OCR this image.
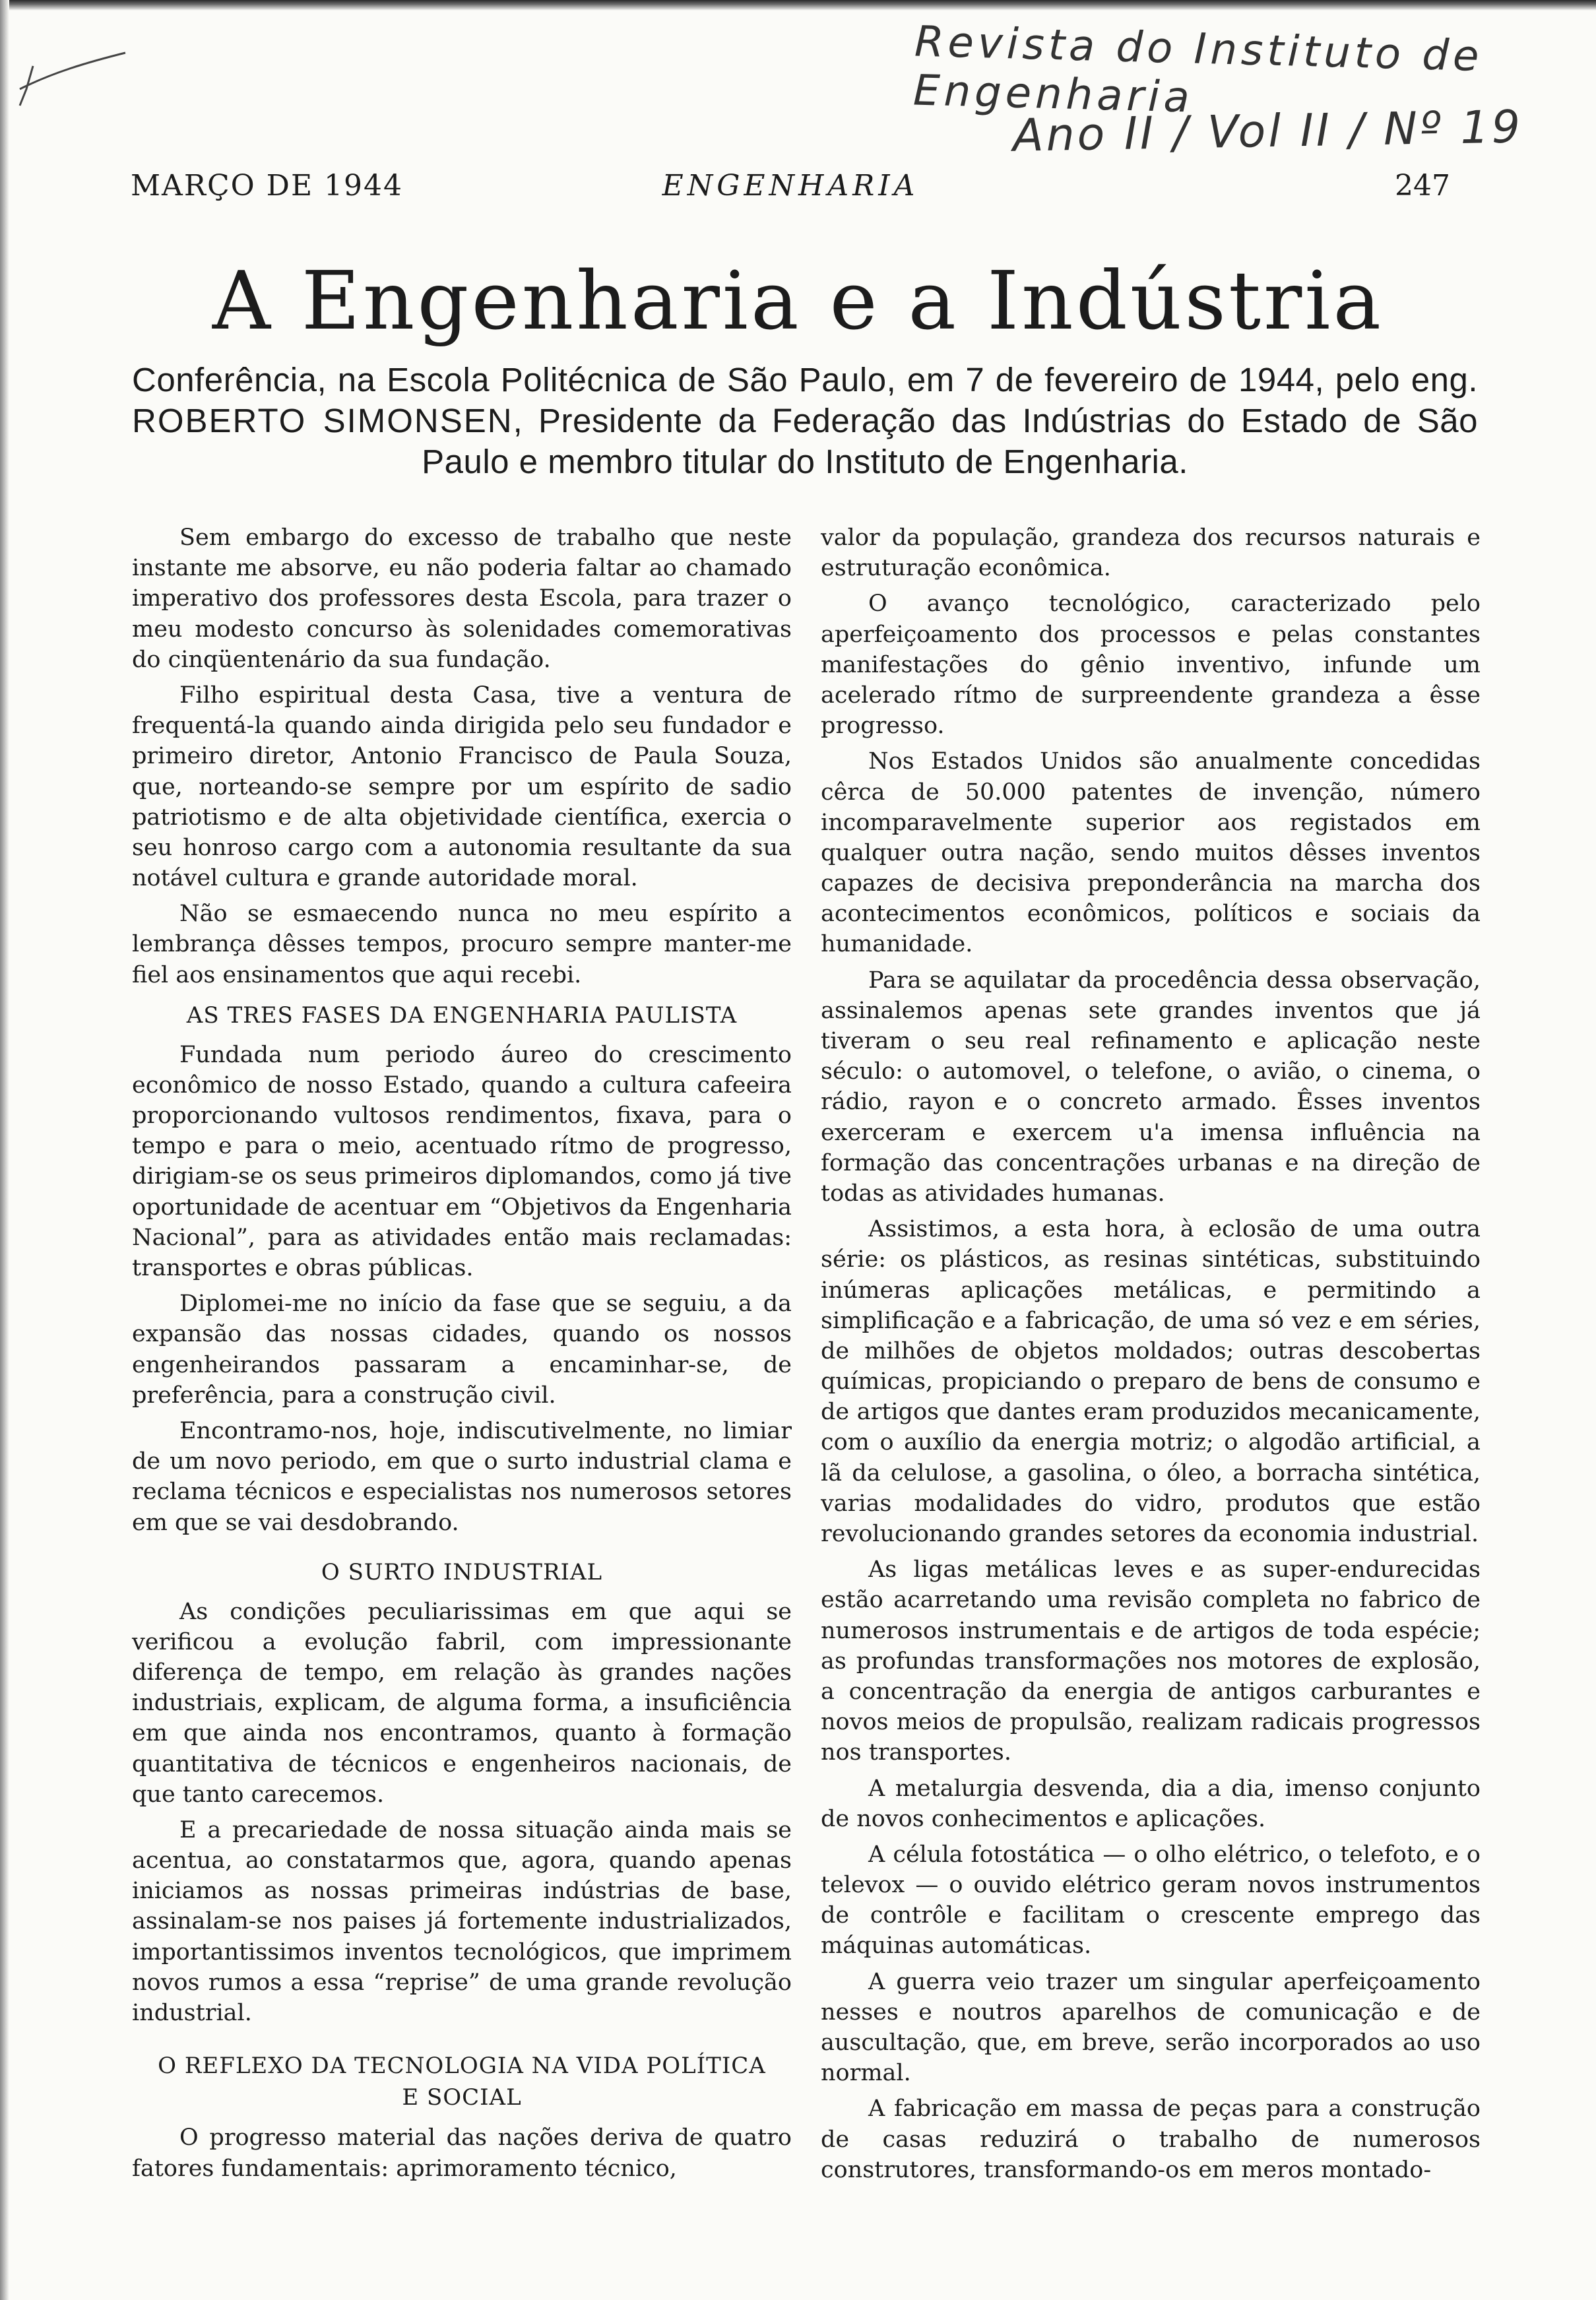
Revista do Instituto de Engenharia
Ano II / Vol II / Nº 19
MARÇO DE 1944	ENGENHARIA	247
A Engenharia e a Indústria

Conferência, na Escola Politécnica de São Paulo, em 7 de fevereiro de 1944, pelo eng. ROBERTO SIMONSEN, Presidente da Federação das Indústrias do Estado de São Paulo e membro titular do Instituto de Engenharia.

Sem embargo do excesso de trabalho que neste instante me absorve, eu não poderia faltar ao chamado imperativo dos professores desta Escola, para trazer o meu modesto concurso às solenidades comemorativas do cinqüentenário da sua fundação.

Filho espiritual desta Casa, tive a ventura de frequentá-la quando ainda dirigida pelo seu fundador e primeiro diretor, Antonio Francisco de Paula Souza, que, norteando-se sempre por um espírito de sadio patriotismo e de alta objetividade científica, exercia o seu honroso cargo com a autonomia resultante da sua notável cultura e grande autoridade moral.

Não se esmaecendo nunca no meu espírito a lembrança dêsses tempos, procuro sempre manter-me fiel aos ensinamentos que aqui recebi.

AS TRES FASES DA ENGENHARIA PAULISTA

Fundada num periodo áureo do crescimento econômico de nosso Estado, quando a cultura cafeeira proporcionando vultosos rendimentos, fixava, para o tempo e para o meio, acentuado rítmo de progresso, dirigiam-se os seus primeiros diplomandos, como já tive oportunidade de acentuar em “Objetivos da Engenharia Nacional”, para as atividades então mais reclamadas: transportes e obras públicas.

Diplomei-me no início da fase que se seguiu, a da expansão das nossas cidades, quando os nossos engenheirandos passaram a encaminhar-se, de preferência, para a construção civil.

Encontramo-nos, hoje, indiscutivelmente, no limiar de um novo periodo, em que o surto industrial clama e reclama técnicos e especialistas nos numerosos setores em que se vai desdobrando.

O SURTO INDUSTRIAL

As condições peculiarissimas em que aqui se verificou a evolução fabril, com impressionante diferença de tempo, em relação às grandes nações industriais, explicam, de alguma forma, a insuficiência em que ainda nos encontramos, quanto à formação quantitativa de técnicos e engenheiros nacionais, de que tanto carecemos.

E a precariedade de nossa situação ainda mais se acentua, ao constatarmos que, agora, quando apenas iniciamos as nossas primeiras indústrias de base, assinalam-se nos paises já fortemente industrializados, importantissimos inventos tecnológicos, que imprimem novos rumos a essa “reprise” de uma grande revolução industrial.

O REFLEXO DA TECNOLOGIA NA VIDA POLÍTICA
E SOCIAL

O progresso material das nações deriva de quatro fatores fundamentais: aprimoramento técnico,

valor da população, grandeza dos recursos naturais e estruturação econômica.

O avanço tecnológico, caracterizado pelo aperfeiçoamento dos processos e pelas constantes manifestações do gênio inventivo, infunde um acelerado rítmo de surpreendente grandeza a êsse progresso.

Nos Estados Unidos são anualmente concedidas cêrca de 50.000 patentes de invenção, número incomparavelmente superior aos registados em qualquer outra nação, sendo muitos dêsses inventos capazes de decisiva preponderância na marcha dos acontecimentos econômicos, políticos e sociais da humanidade.

Para se aquilatar da procedência dessa observação, assinalemos apenas sete grandes inventos que já tiveram o seu real refinamento e aplicação neste século: o automovel, o telefone, o avião, o cinema, o rádio, rayon e o concreto armado. Êsses inventos exerceram e exercem u'a imensa influência na formação das concentrações urbanas e na direção de todas as atividades humanas.

Assistimos, a esta hora, à eclosão de uma outra série: os plásticos, as resinas sintéticas, substituindo inúmeras aplicações metálicas, e permitindo a simplificação e a fabricação, de uma só vez e em séries, de milhões de objetos moldados; outras descobertas químicas, propiciando o preparo de bens de consumo e de artigos que dantes eram produzidos mecanicamente, com o auxílio da energia motriz; o algodão artificial, a lã da celulose, a gasolina, o óleo, a borracha sintética, varias modalidades do vidro, produtos que estão revolucionando grandes setores da economia industrial.

As ligas metálicas leves e as super-endurecidas estão acarretando uma revisão completa no fabrico de numerosos instrumentais e de artigos de toda espécie; as profundas transformações nos motores de explosão, a concentração da energia de antigos carburantes e novos meios de propulsão, realizam radicais progressos nos transportes.

A metalurgia desvenda, dia a dia, imenso conjunto de novos conhecimentos e aplicações.

A célula fotostática — o olho elétrico, o telefoto, e o televox — o ouvido elétrico geram novos instrumentos de contrôle e facilitam o crescente emprego das máquinas automáticas.

A guerra veio trazer um singular aperfeiçoamento nesses e noutros aparelhos de comunicação e de auscultação, que, em breve, serão incorporados ao uso normal.

A fabricação em massa de peças para a construção de casas reduzirá o trabalho de numerosos construtores, transformando-os em meros montado-
